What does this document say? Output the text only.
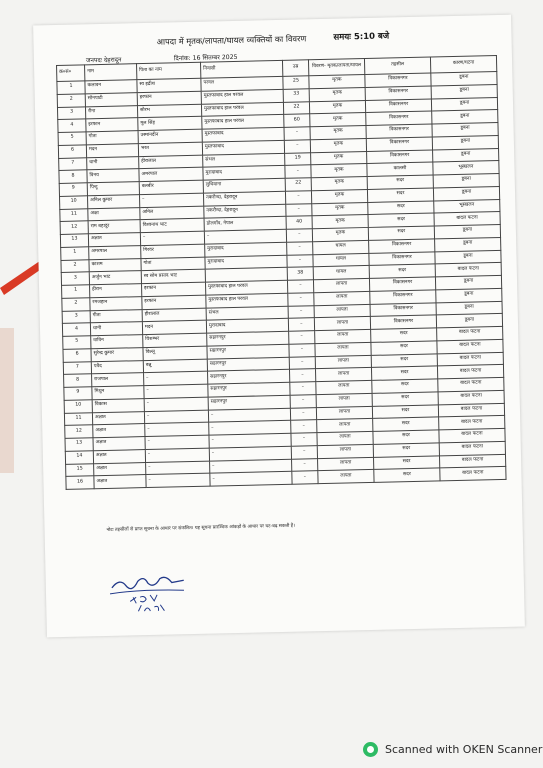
आपदा में मृतक/लापता/घायल व्यक्तियों का विवरण	समयः 5:10 बजे
जनपदः देहरादून	दिनांक: 16 सितम्बर 2025
क्र०सं०	नाम	पिता का नाम	निवासी	उम्र	विवरण- मृतक/लापता/घायल	तहसील	कारण/घटना
1	कलावन	स्व इद्रीश	परवल	25	मृतक	विकासनगर	डूबना
2	सोनपाटी	इरफान	मुस्तफाबाद हाल परवल	33	मृतक	विकासनगर	डूबना
3	रीना	सौरभ	मुस्तफाबाद हाल परवल	22	मृतक	विकासनगर	डूबना
4	इरफान	मूल सिंह	मुस्तफाबाद हाल परवल	60	मृतक	विकासनगर	डूबना
5	गोता	उस्मानदीन	मुस्तफाबाद	–	मृतक	विकासनगर	डूबना
6	मदन	भरत	मुस्तफाबाद	–	मृतक	विकासनगर	डूबना
7	धानी	हीरालाल	संभल	19	मृतक	विकासनगर	डूबना
8	विनय	अमरपाल	मुरादाबाद	–	मृतक	कालसी	भूस्खलन
9	पिन्टू	बलबीर	लुधियाना	22	मृतक	सदर	डूबना
10	अनिल कुमार	–	नकरौन्दा, देहरादून	–	मृतक	सदर	डूबना
11	अक्षा	अनिल	नकरौन्दा, देहरादून	–	मृतक	सदर	भूस्खलन
12	राम बहादुर	विश्वनाथ भाट	डोलगॉव, नेपाल	40	मृतक	सदर	बादल फटना
13	अज्ञात	–	–	–	मृतक	सदर	डूबना
1	अमरपाल	गिरवर	मुरादाबाद	–	घायल	विकासनगर	डूबना
2	काशम	गोता	मुरादाबाद	–	घायल	विकासनगर	डूबना
3	अर्जुन भाट	स्व सोम प्रसाद भाट		38	घायल	सदर	बादल फटना
1	हीरान	इरफान	मुस्तफाबाद हाल परवल	–	लापता	विकासनगर	डूबना
2	रमजहान	इरफान	मुस्तफाबाद हाल परवल	–	लापता	विकासनगर	डूबना
3	गीता	हीरालाल	संभल	–	लापता	विकासनगर	डूबना
4	धानी	मदन	मुरादाबाद	–	लापता	विकासनगर	डूबना
5	वाविन	विशम्भर	सहारनपुर	–	लापता	सदर	बादल फटना
6	सुरेन्द्र कुमार	विल्लू	सहारनपुर	–	लापता	सदर	बादल फटना
7	पवैद	बन्नू	सहारनपुर	–	लापता	सदर	बादल फटना
8	राजपाल	–	सहारनपुर	–	लापता	सदर	बादल फटना
9	मिथुन	–	सहारनपुर	–	लापता	सदर	बादल फटना
10	विकास	–	सहारनपुर	–	लापता	सदर	बादल फटना
11	अज्ञात	–	–	–	लापता	सदर	बादल फटना
12	अज्ञात	–	–	–	लापता	सदर	बादल फटना
13	अज्ञात	–	–	–	लापता	सदर	बादल फटना
14	अज्ञात	–	–	–	लापता	सदर	बादल फटना
15	अज्ञात	–	–	–	लापता	सदर	बादल फटना
16	अज्ञात	–	–	–	लापता	सदर	बादल फटना
नोटः तहसीलों से प्राप्त सूचना के आधार पर संकलित। यह सूचना प्रारम्भिक आंकड़ों के आधार पर घट-बढ़ सकती है।
Scanned with OKEN Scanner
